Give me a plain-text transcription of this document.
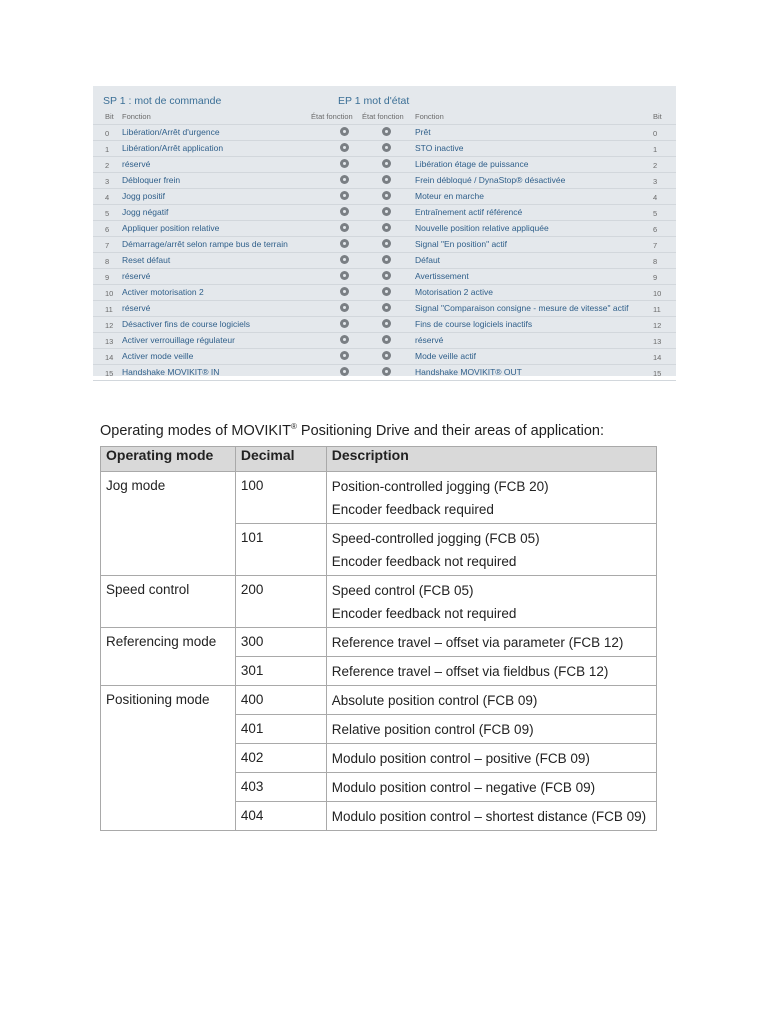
SP 1 : mot de commande	EP 1 mot d'état
Bit Fonction	État fonction État fonction Fonction	Bit
0 Libération/Arrêt d'urgence	Prêt	0
1 Libération/Arrêt application	STO inactive	1
2 réservé	Libération étage de puissance	2
3 Débloquer frein	Frein débloqué / DynaStop® désactivée	3
4 Jogg positif	Moteur en marche	4
5 Jogg négatif	Entraînement actif référencé	5
6 Appliquer position relative	Nouvelle position relative appliquée	6
7 Démarrage/arrêt selon rampe bus de terrain	Signal "En position" actif	7
8 Reset défaut	Défaut	8
9 réservé	Avertissement	9
10 Activer motorisation 2	Motorisation 2 active	10
11 réservé	Signal "Comparaison consigne - mesure de vitesse" actif	11
12 Désactiver fins de course logiciels	Fins de course logiciels inactifs	12
13 Activer verrouillage régulateur	réservé	13
14 Activer mode veille	Mode veille actif	14
15 Handshake MOVIKIT® IN	Handshake MOVIKIT® OUT	15
Operating modes of MOVIKIT® Positioning Drive and their areas of application:
Operating mode	Decimal	Description
Jog mode	100	Position-controlled jogging (FCB 20)
Encoder feedback required

	101	Speed-controlled jogging (FCB 05)
Encoder feedback not required

Speed control	200	Speed control (FCB 05)
Encoder feedback not required

Referencing mode	300	Reference travel – offset via parameter (FCB 12)

	301	Reference travel – offset via fieldbus (FCB 12)

Positioning mode	400	Absolute position control (FCB 09)

	401	Relative position control (FCB 09)

	402	Modulo position control – positive (FCB 09)

	403	Modulo position control – negative (FCB 09)

	404	Modulo position control – shortest distance (FCB 09)
